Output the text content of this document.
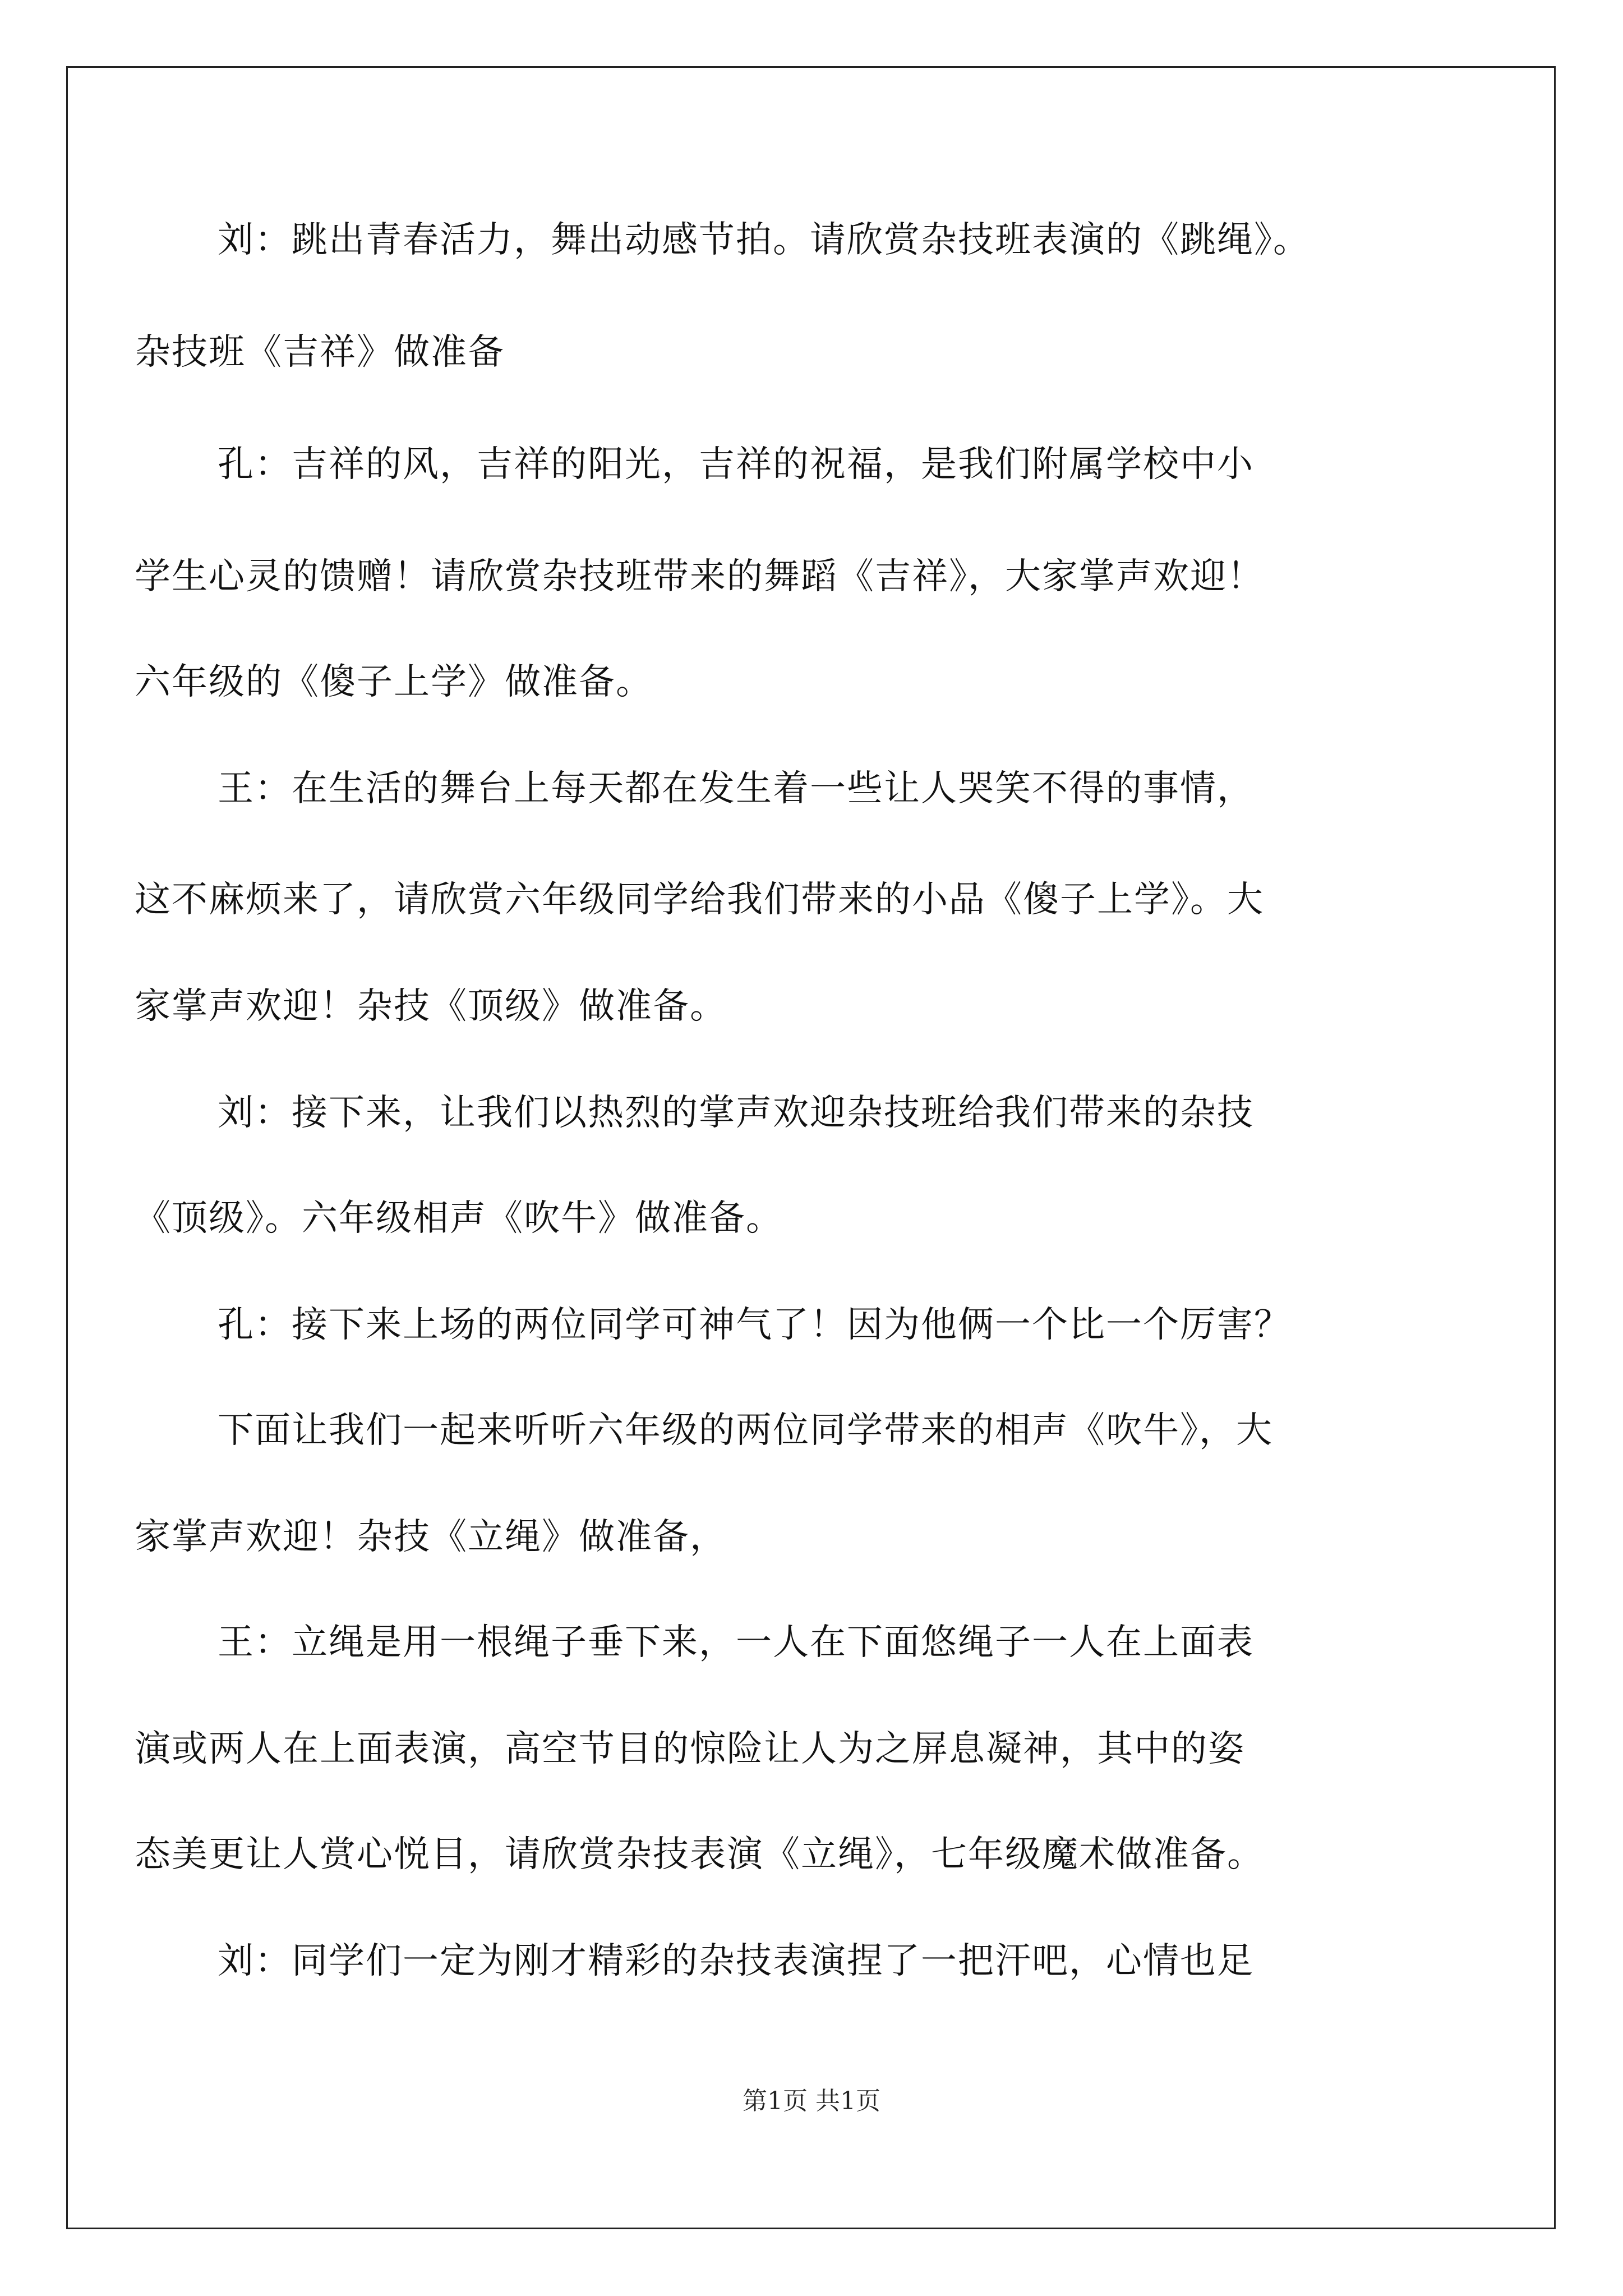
刘：跳出青春活力，舞出动感节拍。请欣赏杂技班表演的《跳绳》。
杂技班《吉祥》做准备
孔：吉祥的风，吉祥的阳光，吉祥的祝福，是我们附属学校中小
学生心灵的馈赠！请欣赏杂技班带来的舞蹈《吉祥》，大家掌声欢迎！
六年级的《傻子上学》做准备。
王：在生活的舞台上每天都在发生着一些让人哭笑不得的事情，
这不麻烦来了，请欣赏六年级同学给我们带来的小品《傻子上学》。大
家掌声欢迎！杂技《顶级》做准备。
刘：接下来，让我们以热烈的掌声欢迎杂技班给我们带来的杂技
《顶级》。六年级相声《吹牛》做准备。
孔：接下来上场的两位同学可神气了！因为他俩一个比一个厉害？
下面让我们一起来听听六年级的两位同学带来的相声《吹牛》，大
家掌声欢迎！杂技《立绳》做准备，
王：立绳是用一根绳子垂下来，一人在下面悠绳子一人在上面表
演或两人在上面表演，高空节目的惊险让人为之屏息凝神，其中的姿
态美更让人赏心悦目，请欣赏杂技表演《立绳》，七年级魔术做准备。
刘：同学们一定为刚才精彩的杂技表演捏了一把汗吧，心情也足
第1页 共1页
